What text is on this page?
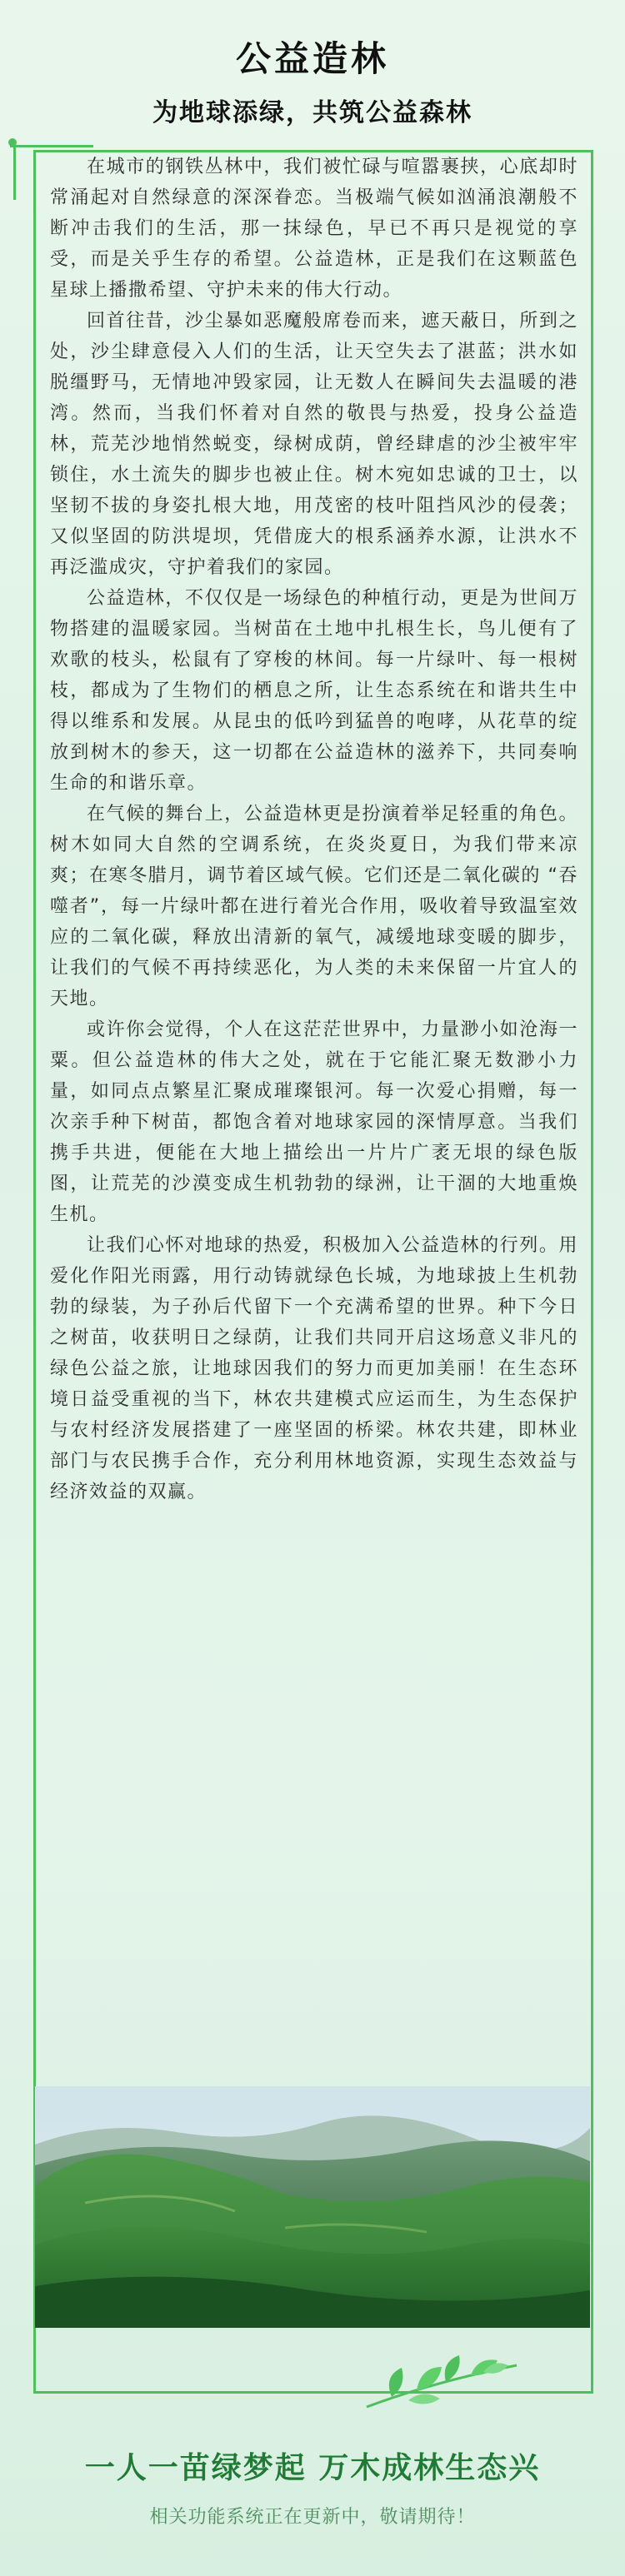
公益造林
为地球添绿，共筑公益森林

在城市的钢铁丛林中，我们被忙碌与喧嚣裹挟，心底却时常涌起对自然绿意的深深眷恋。当极端气候如汹涌浪潮般不断冲击我们的生活，那一抹绿色，早已不再只是视觉的享受，而是关乎生存的希望。公益造林，正是我们在这颗蓝色星球上播撒希望、守护未来的伟大行动。

回首往昔，沙尘暴如恶魔般席卷而来，遮天蔽日，所到之处，沙尘肆意侵入人们的生活，让天空失去了湛蓝；洪水如脱缰野马，无情地冲毁家园，让无数人在瞬间失去温暖的港湾。然而，当我们怀着对自然的敬畏与热爱，投身公益造林，荒芜沙地悄然蜕变，绿树成荫，曾经肆虐的沙尘被牢牢锁住，水土流失的脚步也被止住。树木宛如忠诚的卫士，以坚韧不拔的身姿扎根大地，用茂密的枝叶阻挡风沙的侵袭；又似坚固的防洪堤坝，凭借庞大的根系涵养水源，让洪水不再泛滥成灾，守护着我们的家园。

公益造林，不仅仅是一场绿色的种植行动，更是为世间万物搭建的温暖家园。当树苗在土地中扎根生长，鸟儿便有了欢歌的枝头，松鼠有了穿梭的林间。每一片绿叶、每一根树枝，都成为了生物们的栖息之所，让生态系统在和谐共生中得以维系和发展。从昆虫的低吟到猛兽的咆哮，从花草的绽放到树木的参天，这一切都在公益造林的滋养下，共同奏响生命的和谐乐章。

在气候的舞台上，公益造林更是扮演着举足轻重的角色。树木如同大自然的空调系统，在炎炎夏日，为我们带来凉爽；在寒冬腊月，调节着区域气候。它们还是二氧化碳的 “吞噬者”，每一片绿叶都在进行着光合作用，吸收着导致温室效应的二氧化碳，释放出清新的氧气，减缓地球变暖的脚步，让我们的气候不再持续恶化，为人类的未来保留一片宜人的天地。

或许你会觉得，个人在这茫茫世界中，力量渺小如沧海一粟。但公益造林的伟大之处，就在于它能汇聚无数渺小力量，如同点点繁星汇聚成璀璨银河。每一次爱心捐赠，每一次亲手种下树苗，都饱含着对地球家园的深情厚意。当我们携手共进，便能在大地上描绘出一片片广袤无垠的绿色版图，让荒芜的沙漠变成生机勃勃的绿洲，让干涸的大地重焕生机。

让我们心怀对地球的热爱，积极加入公益造林的行列。用爱化作阳光雨露，用行动铸就绿色长城，为地球披上生机勃勃的绿装，为子孙后代留下一个充满希望的世界。种下今日之树苗，收获明日之绿荫，让我们共同开启这场意义非凡的绿色公益之旅，让地球因我们的努力而更加美丽！在生态环境日益受重视的当下，林农共建模式应运而生，为生态保护与农村经济发展搭建了一座坚固的桥梁。林农共建，即林业部门与农民携手合作，充分利用林地资源，实现生态效益与经济效益的双赢。

一人一苗绿梦起 万木成林生态兴
相关功能系统正在更新中，敬请期待！
